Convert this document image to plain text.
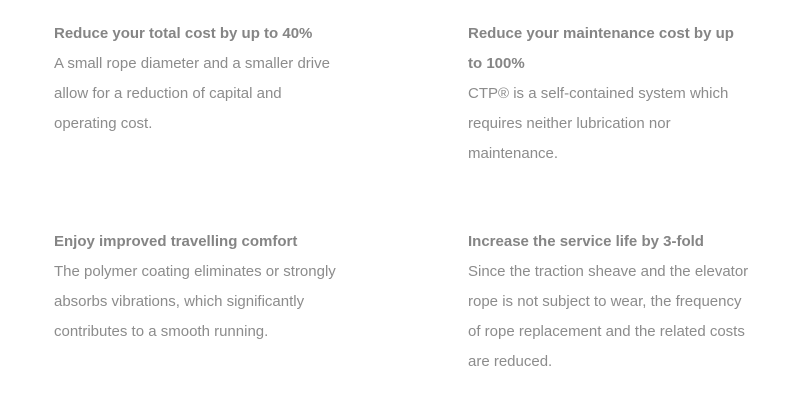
Reduce your total cost by up to 40%

A small rope diameter and a smaller drive allow for a reduction of capital and operating cost.

Reduce your maintenance cost by up to 100%

CTP® is a self-contained system which requires neither lubrication nor maintenance.

Enjoy improved travelling comfort

The polymer coating eliminates or strongly absorbs vibrations, which significantly contributes to a smooth running.

Increase the service life by 3-fold

Since the traction sheave and the elevator rope is not subject to wear, the frequency of rope replacement and the related costs are reduced.
